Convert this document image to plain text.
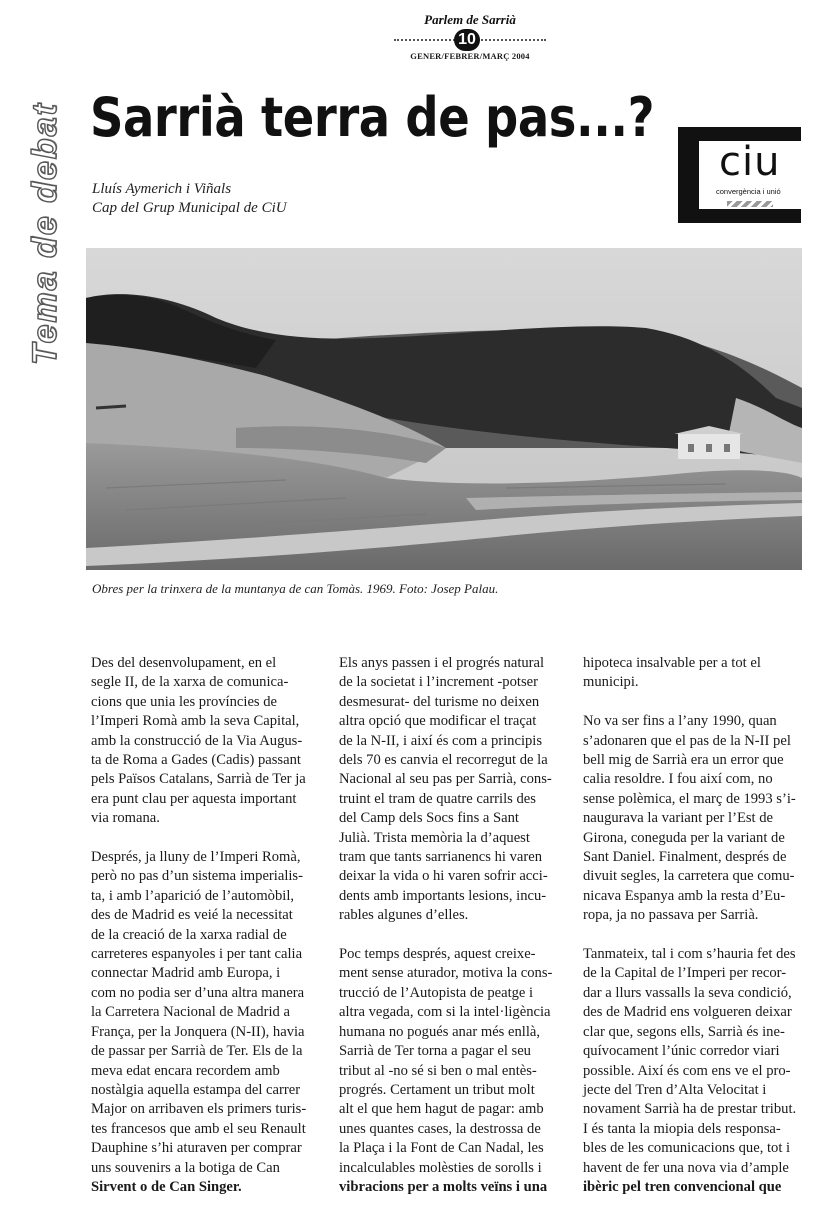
Parlem de Sarrià
10
GENER/FEBRER/MARÇ 2004
Tema de debat Sarrià terra de pas...?
Lluís Aymerich i Viñals
Cap del Grup Municipal de CiU
ciu
convergència i unió
Obres per la trinxera de la muntanya de can Tomàs. 1969. Foto: Josep Palau.

Des del desenvolupament, en el
segle II, de la xarxa de comunica-
cions que unia les províncies de
l’Imperi Romà amb la seva Capital,
amb la construcció de la Via Augus-
ta de Roma a Gades (Cadis) passant
pels Països Catalans, Sarrià de Ter ja
era punt clau per aquesta important
via romana.

Després, ja lluny de l’Imperi Romà,
però no pas d’un sistema imperialis-
ta, i amb l’aparició de l’automòbil,
des de Madrid es veié la necessitat
de la creació de la xarxa radial de
carreteres espanyoles i per tant calia
connectar Madrid amb Europa, i
com no podia ser d’una altra manera
la Carretera Nacional de Madrid a
França, per la Jonquera (N-II), havia
de passar per Sarrià de Ter. Els de la
meva edat encara recordem amb
nostàlgia aquella estampa del carrer
Major on arribaven els primers turis-
tes francesos que amb el seu Renault
Dauphine s’hi aturaven per comprar
uns souvenirs a la botiga de Can

Sirvent o de Can Singer.

Els anys passen i el progrés natural
de la societat i l’increment -potser
desmesurat- del turisme no deixen
altra opció que modificar el traçat
de la N-II, i així és com a principis
dels 70 es canvia el recorregut de la
Nacional al seu pas per Sarrià, cons-
truint el tram de quatre carrils des
del Camp dels Socs fins a Sant
Julià. Trista memòria la d’aquest
tram que tants sarrianencs hi varen
deixar la vida o hi varen sofrir acci-
dents amb importants lesions, incu-
rables algunes d’elles.

Poc temps després, aquest creixe-
ment sense aturador, motiva la cons-
trucció de l’Autopista de peatge i
altra vegada, com si la intel·ligència
humana no pogués anar més enllà,
Sarrià de Ter torna a pagar el seu
tribut al -no sé si ben o mal entès-
progrés. Certament un tribut molt
alt el que hem hagut de pagar: amb
unes quantes cases, la destrossa de
la Plaça i la Font de Can Nadal, les
incalculables molèsties de sorolls i

vibracions per a molts veïns i una

hipoteca insalvable per a tot el
municipi.

No va ser fins a l’any 1990, quan
s’adonaren que el pas de la N-II pel
bell mig de Sarrià era un error que
calia resoldre. I fou així com, no
sense polèmica, el març de 1993 s’i-
naugurava la variant per l’Est de
Girona, coneguda per la variant de
Sant Daniel. Finalment, després de
divuit segles, la carretera que comu-
nicava Espanya amb la resta d’Eu-
ropa, ja no passava per Sarrià.

Tanmateix, tal i com s’hauria fet des
de la Capital de l’Imperi per recor-
dar a llurs vassalls la seva condició,
des de Madrid ens volgueren deixar
clar que, segons ells, Sarrià és ine-
quívocament l’únic corredor viari
possible. Així és com ens ve el pro-
jecte del Tren d’Alta Velocitat i
novament Sarrià ha de prestar tribut.
I és tanta la miopia dels responsa-
bles de les comunicacions que, tot i
havent de fer una nova via d’ample

ibèric pel tren convencional que
